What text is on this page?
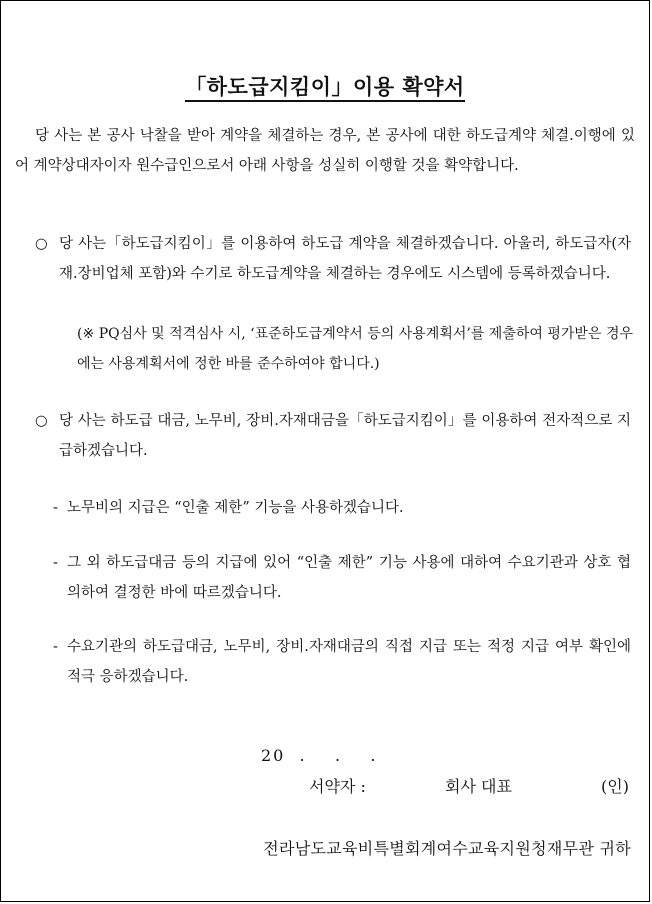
「하도급지킴이」이용 확약서

당 사는 본 공사 낙찰을 받아 계약을 체결하는 경우, 본 공사에 대한 하도급계약 체결.이행에 있어 계약상대자이자 원수급인으로서 아래 사항을 성실히 이행할 것을 확약합니다.

○ 당 사는「하도급지킴이」를 이용하여 하도급 계약을 체결하겠습니다. 아울러, 하도급자(자재.장비업체 포함)와 수기로 하도급계약을 체결하는 경우에도 시스템에 등록하겠습니다.

(※ PQ심사 및 적격심사 시, ‘표준하도급계약서 등의 사용계획서’를 제출하여 평가받은 경우에는 사용계획서에 정한 바를 준수하여야 합니다.)

○ 당 사는 하도급 대금, 노무비, 장비.자재대금을「하도급지킴이」를 이용하여 전자적으로 지급하겠습니다.
- 노무비의 지급은 “인출 제한” 기능을 사용하겠습니다.
- 그 외 하도급대금 등의 지급에 있어 “인출 제한” 기능 사용에 대하여 수요기관과 상호 협의하여 결정한 바에 따르겠습니다.
- 수요기관의 하도급대금, 노무비, 장비.자재대금의 직접 지급 또는 적정 지급 여부 확인에 적극 응하겠습니다.
20  .    .    .
서약자 :	회사 대표	(인)
전라남도교육비특별회계여수교육지원청재무관 귀하
